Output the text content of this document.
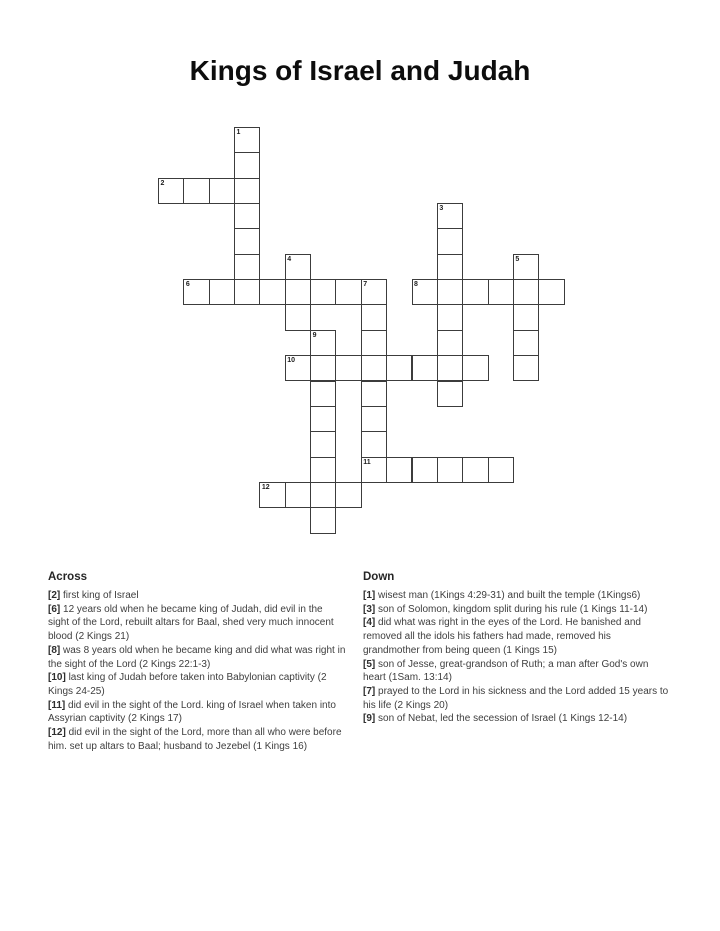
Kings of Israel and Judah
1
2
3
4	5
6	7
11
8
9
10
12
Across
[2] first king of Israel
[6] 12 years old when he became king of Judah, did evil in the sight of the Lord, rebuilt altars for Baal, shed very much innocent blood (2 Kings 21)
[8] was 8 years old when he became king and did what was right in the sight of the Lord (2 Kings 22:1-3)
[10] last king of Judah before taken into Babylonian captivity (2 Kings 24-25)
[11] did evil in the sight of the Lord. king of Israel when taken into Assyrian captivity (2 Kings 17)
[12] did evil in the sight of the Lord, more than all who were before him. set up altars to Baal; husband to Jezebel (1 Kings 16)
Down
[1] wisest man (1Kings 4:29-31) and built the temple (1Kings6)
[3] son of Solomon, kingdom split during his rule (1 Kings 11-14)
[4] did what was right in the eyes of the Lord. He banished and removed all the idols his fathers had made, removed his grandmother from being queen (1 Kings 15)
[5] son of Jesse, great-grandson of Ruth; a man after God's own heart (1Sam. 13:14)
[7] prayed to the Lord in his sickness and the Lord added 15 years to his life (2 Kings 20)
[9] son of Nebat, led the secession of Israel (1 Kings 12-14)
